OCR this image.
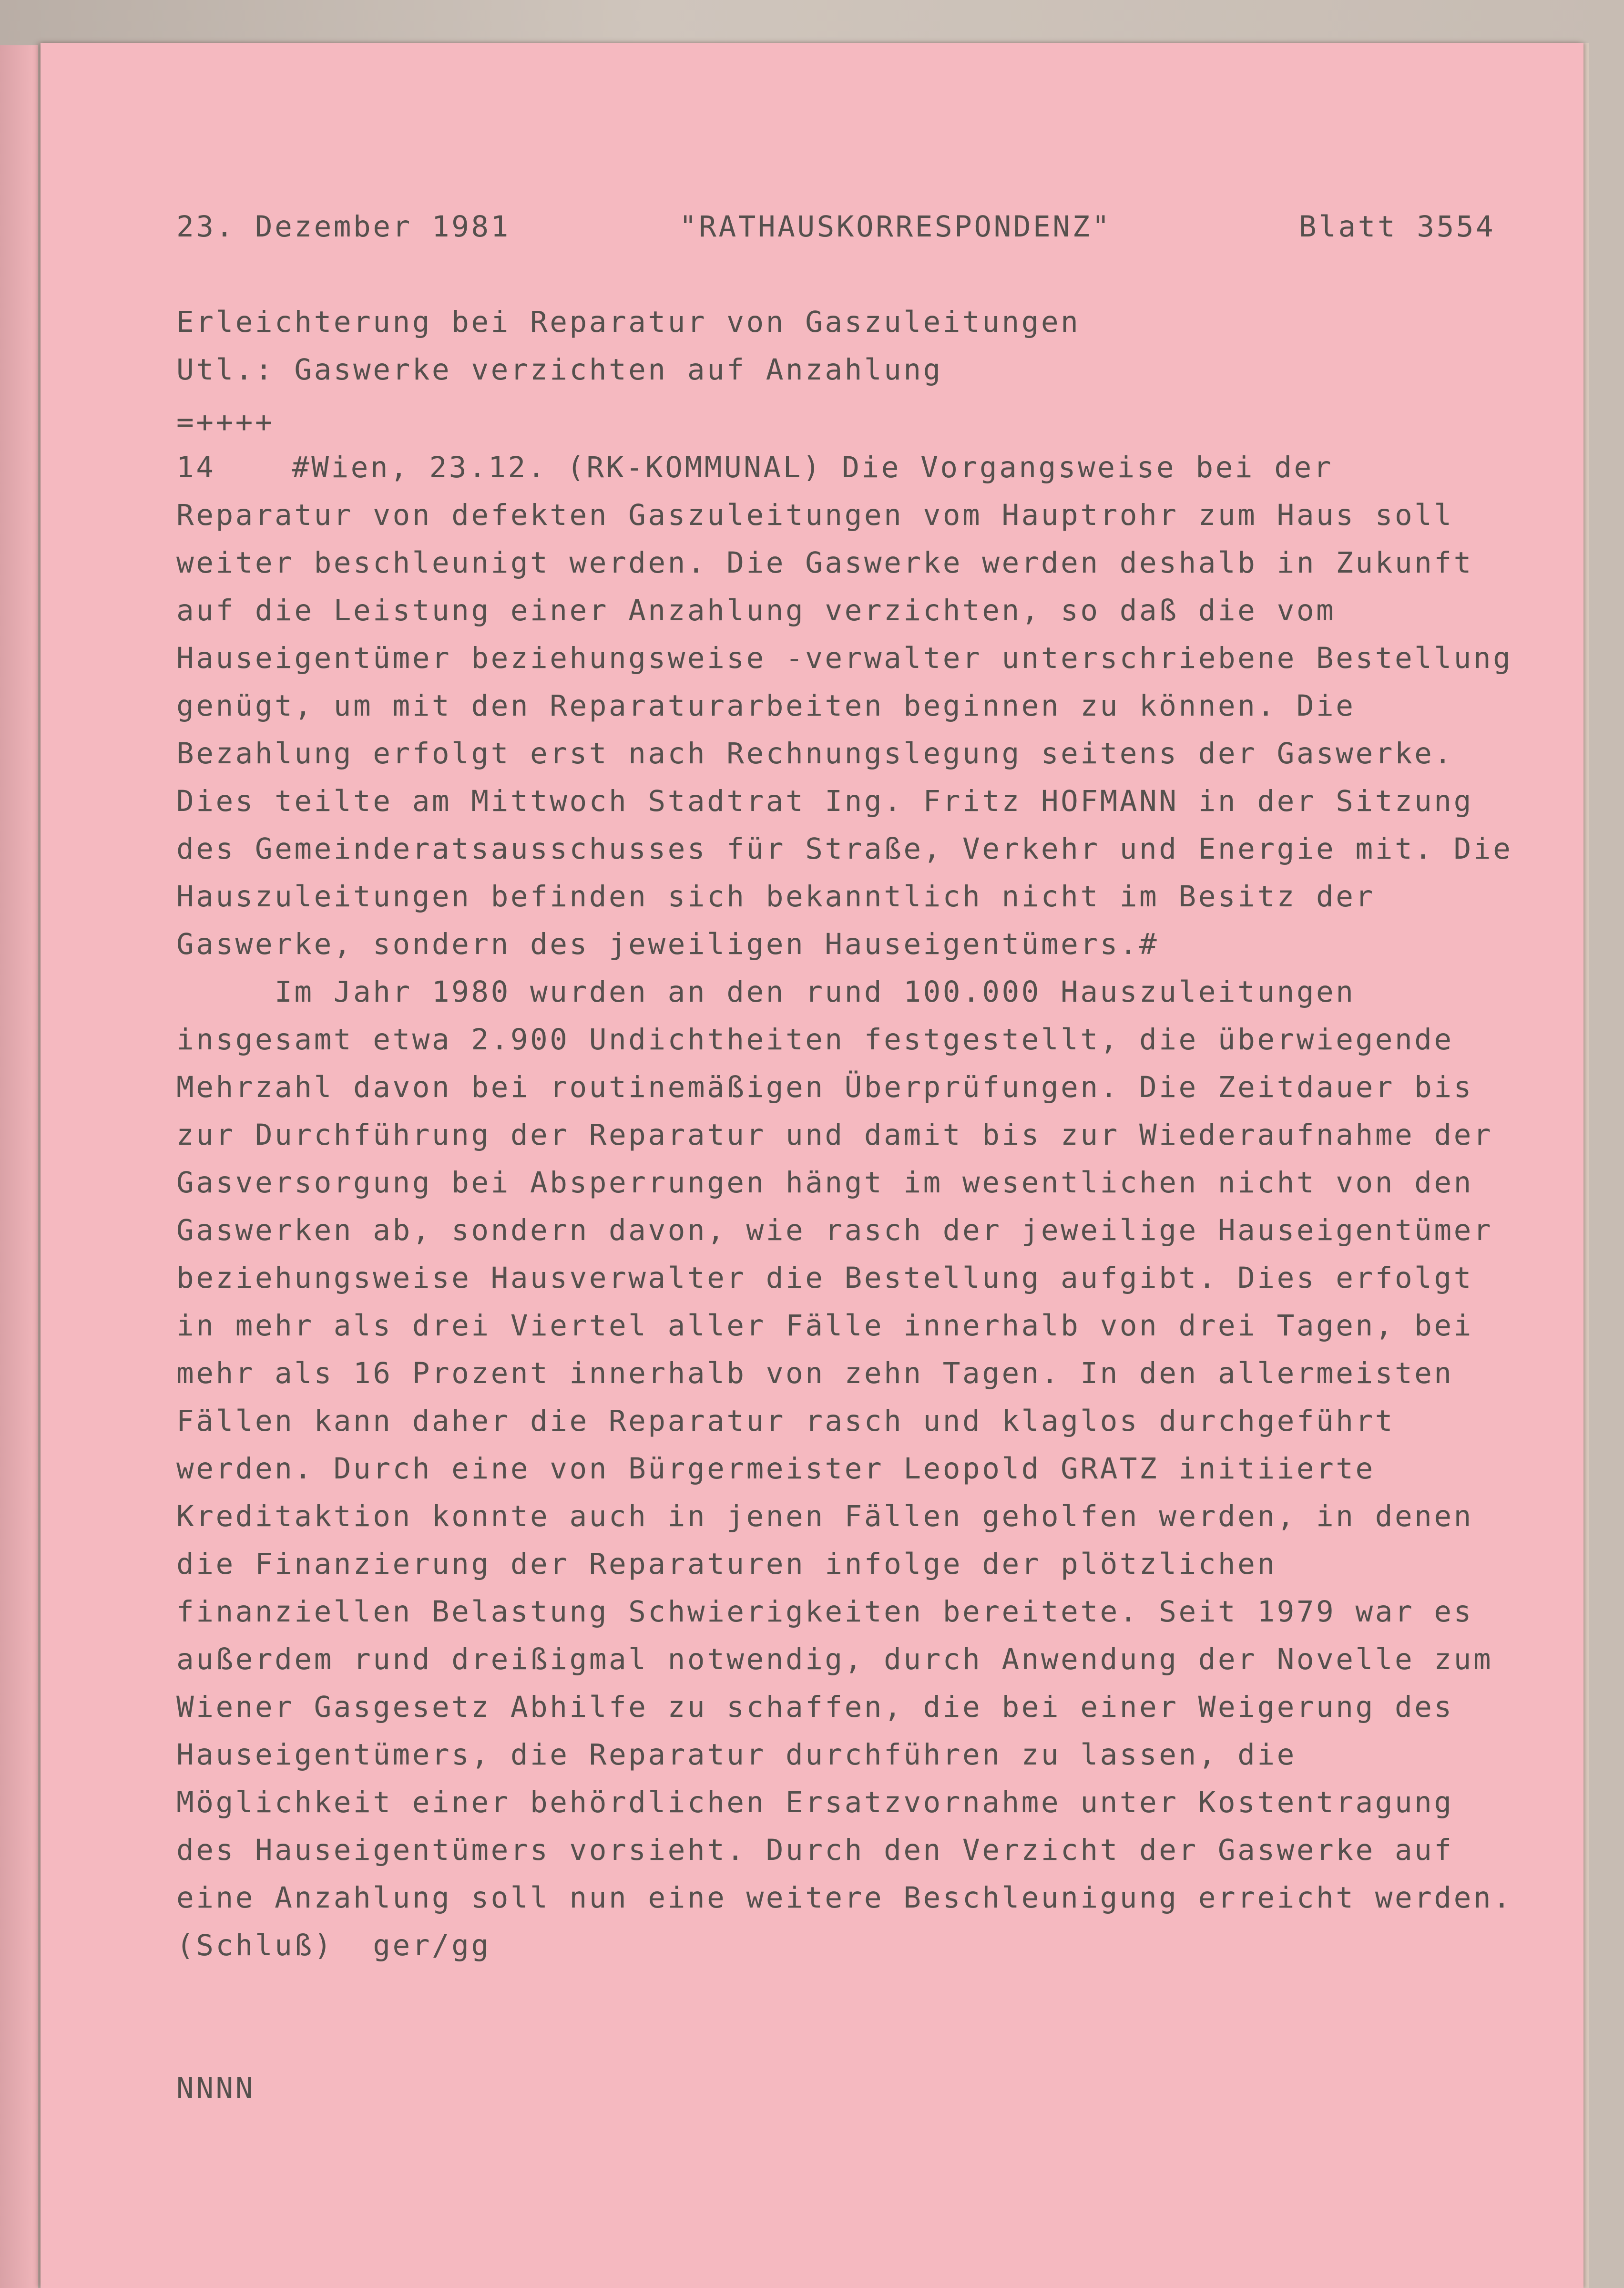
23. Dezember 1981	"RATHAUSKORRESPONDENZ"	Blatt 3554

Erleichterung bei Reparatur von Gaszuleitungen

Utl.: Gaswerke verzichten auf Anzahlung

=++++

14	#Wien, 23.12. (RK-KOMMUNAL) Die Vorgangsweise bei der

Reparatur von defekten Gaszuleitungen vom Hauptrohr zum Haus soll

weiter beschleunigt werden. Die Gaswerke werden deshalb in Zukunft

auf die Leistung einer Anzahlung verzichten, so daß die vom

Hauseigentümer beziehungsweise -verwalter unterschriebene Bestellung

genügt, um mit den Reparaturarbeiten beginnen zu können. Die

Bezahlung erfolgt erst nach Rechnungslegung seitens der Gaswerke.

Dies teilte am Mittwoch Stadtrat Ing. Fritz HOFMANN in der Sitzung

des Gemeinderatsausschusses für Straße, Verkehr und Energie mit. Die

Hauszuleitungen befinden sich bekanntlich nicht im Besitz der

Gaswerke, sondern des jeweiligen Hauseigentümers.#

Im Jahr 1980 wurden an den rund 100.000 Hauszuleitungen

insgesamt etwa 2.900 Undichtheiten festgestellt, die überwiegende

Mehrzahl davon bei routinemäßigen Überprüfungen. Die Zeitdauer bis

zur Durchführung der Reparatur und damit bis zur Wiederaufnahme der

Gasversorgung bei Absperrungen hängt im wesentlichen nicht von den

Gaswerken ab, sondern davon, wie rasch der jeweilige Hauseigentümer

beziehungsweise Hausverwalter die Bestellung aufgibt. Dies erfolgt

in mehr als drei Viertel aller Fälle innerhalb von drei Tagen, bei

mehr als 16 Prozent innerhalb von zehn Tagen. In den allermeisten

Fällen kann daher die Reparatur rasch und klaglos durchgeführt

werden. Durch eine von Bürgermeister Leopold GRATZ initiierte

Kreditaktion konnte auch in jenen Fällen geholfen werden, in denen

die Finanzierung der Reparaturen infolge der plötzlichen

finanziellen Belastung Schwierigkeiten bereitete. Seit 1979 war es

außerdem rund dreißigmal notwendig, durch Anwendung der Novelle zum

Wiener Gasgesetz Abhilfe zu schaffen, die bei einer Weigerung des

Hauseigentümers, die Reparatur durchführen zu lassen, die

Möglichkeit einer behördlichen Ersatzvornahme unter Kostentragung

des Hauseigentümers vorsieht. Durch den Verzicht der Gaswerke auf

eine Anzahlung soll nun eine weitere Beschleunigung erreicht werden.

(Schluß)  ger/gg

NNNN
